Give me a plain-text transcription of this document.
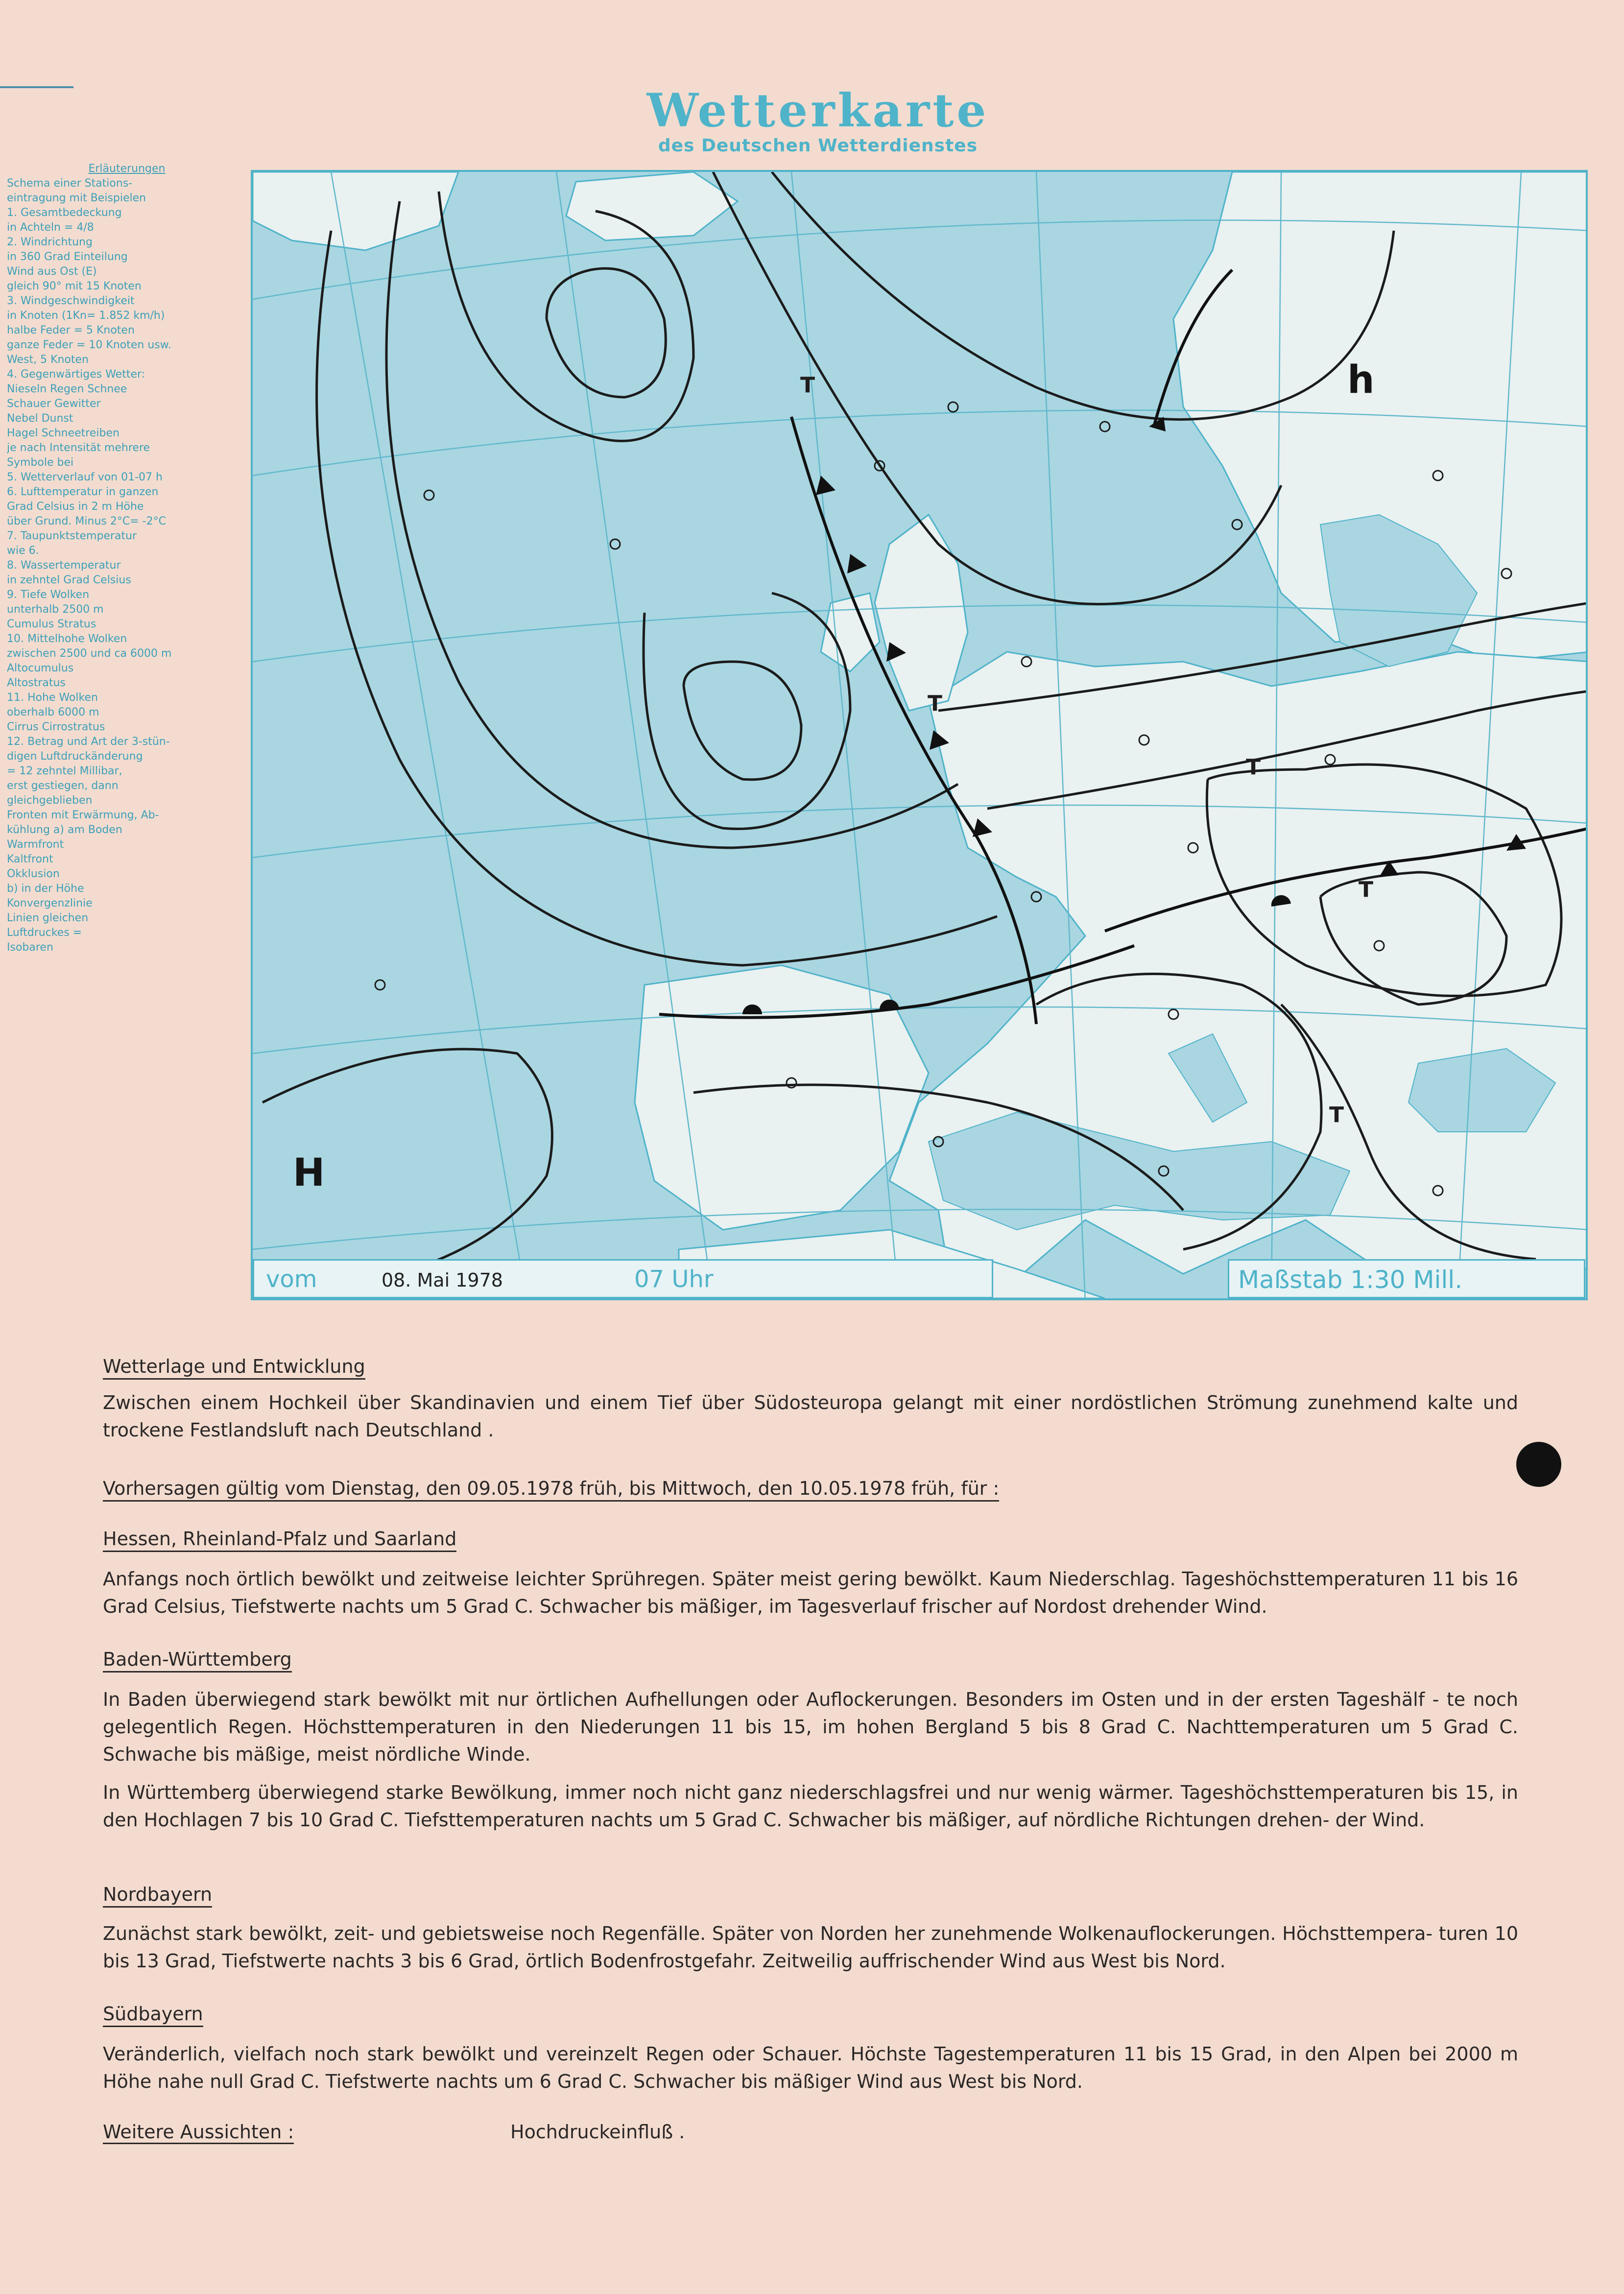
Wetterkarte
des Deutschen Wetterdienstes
Erläuterungen
Schema einer Stations-
eintragung mit Beispielen
1. Gesamtbedeckung
in Achteln = 4/8
2. Windrichtung
in 360 Grad Einteilung
Wind aus Ost (E)
gleich 90° mit 15 Knoten
3. Windgeschwindigkeit
in Knoten (1Kn= 1.852 km/h)
halbe Feder = 5 Knoten
ganze Feder = 10 Knoten usw.
West, 5 Knoten
4. Gegenwärtiges Wetter:
Nieseln Regen Schnee
Schauer Gewitter
Nebel Dunst
Hagel Schneetreiben
je nach Intensität mehrere
Symbole bei
5. Wetterverlauf von 01-07 h
6. Lufttemperatur in ganzen
Grad Celsius in 2 m Höhe
über Grund. Minus 2°C= -2°C
7. Taupunktstemperatur
wie 6.
8. Wassertemperatur
in zehntel Grad Celsius
9. Tiefe Wolken
unterhalb 2500 m
Cumulus Stratus
10. Mittelhohe Wolken
zwischen 2500 und ca 6000 m
Altocumulus
Altostratus
11. Hohe Wolken
oberhalb 6000 m
Cirrus Cirrostratus
12. Betrag und Art der 3-stün-
digen Luftdruckänderung
= 12 zehntel Millibar,
erst gestiegen, dann
gleichgeblieben
Fronten mit Erwärmung, Ab-
kühlung a) am Boden
Warmfront
Kaltfront
Okklusion
b) in der Höhe
Konvergenzlinie
Linien gleichen
Luftdruckes =
Isobaren
h
T
T
T
T
T
H
vom	08. Mai 1978	07 Uhr	Maßstab 1:30 Mill.
Wetterlage und Entwicklung
Zwischen einem Hochkeil über Skandinavien und einem Tief über Südosteuropa gelangt mit einer nordöstlichen Strömung zunehmend kalte und trockene Festlandsluft nach Deutschland .
Vorhersagen gültig vom Dienstag, den 09.05.1978 früh, bis Mittwoch, den 10.05.1978 früh, für :
Hessen, Rheinland-Pfalz und Saarland
Anfangs noch örtlich bewölkt und zeitweise leichter Sprühregen. Später meist gering bewölkt. Kaum Niederschlag. Tageshöchsttemperaturen 11 bis 16 Grad Celsius, Tiefstwerte nachts um 5 Grad C. Schwacher bis mäßiger, im Tagesverlauf frischer auf Nordost drehender Wind.
Baden-Württemberg
In Baden überwiegend stark bewölkt mit nur örtlichen Aufhellungen oder Auflockerungen. Besonders im Osten und in der ersten Tageshälf - te noch gelegentlich Regen. Höchsttemperaturen in den Niederungen 11 bis 15, im hohen Bergland 5 bis 8 Grad C. Nachttemperaturen um 5 Grad C. Schwache bis mäßige, meist nördliche Winde.
In Württemberg überwiegend starke Bewölkung, immer noch nicht ganz niederschlagsfrei und nur wenig wärmer. Tageshöchsttemperaturen bis 15, in den Hochlagen 7 bis 10 Grad C. Tiefsttemperaturen nachts um 5 Grad C. Schwacher bis mäßiger, auf nördliche Richtungen drehen- der Wind.
Nordbayern
Zunächst stark bewölkt, zeit- und gebietsweise noch Regenfälle. Später von Norden her zunehmende Wolkenauflockerungen. Höchsttempera- turen 10 bis 13 Grad, Tiefstwerte nachts 3 bis 6 Grad, örtlich Bodenfrostgefahr. Zeitweilig auffrischender Wind aus West bis Nord.
Südbayern
Veränderlich, vielfach noch stark bewölkt und vereinzelt Regen oder Schauer. Höchste Tagestemperaturen 11 bis 15 Grad, in den Alpen bei 2000 m Höhe nahe null Grad C. Tiefstwerte nachts um 6 Grad C. Schwacher bis mäßiger Wind aus West bis Nord.
Weitere Aussichten :	Hochdruckeinfluß .
